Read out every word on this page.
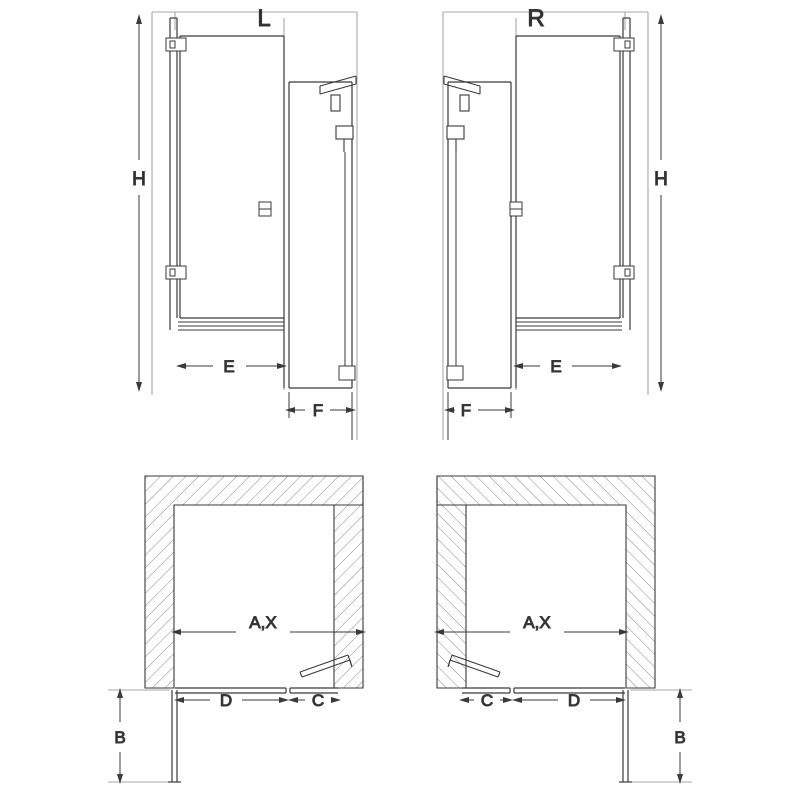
H
L
E
F
H
R
E
F
A,X
D	C
B
A,X
C	D
B
